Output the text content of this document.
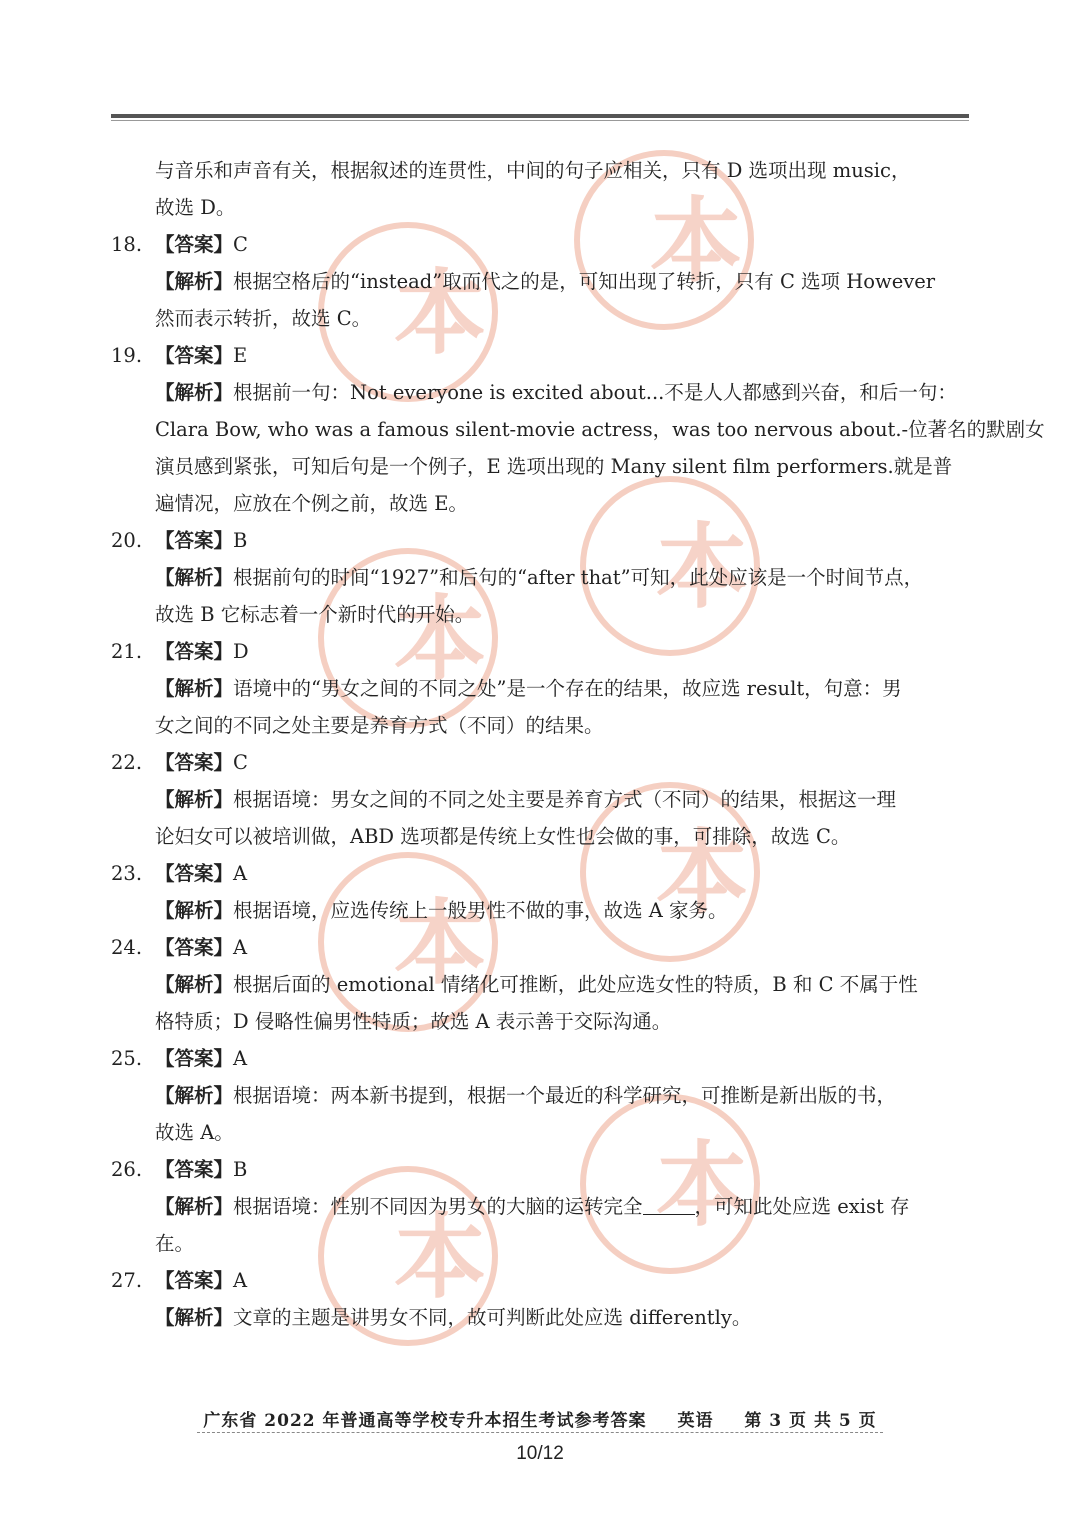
本
本
本
本
本
本
本
本
与音乐和声音有关，根据叙述的连贯性，中间的句子应相关，只有 D 选项出现 music，
故选 D。
18. 【答案】C
【解析】根据空格后的“instead”取而代之的是，可知出现了转折，只有 C 选项 However
然而表示转折，故选 C。
19. 【答案】E
【解析】根据前一句：Not everyone is excited about...不是人人都感到兴奋，和后一句：
Clara Bow, who was a famous silent-movie actress，was too nervous about.-位著名的默剧女
演员感到紧张，可知后句是一个例子，E 选项出现的 Many silent film performers.就是普
遍情况，应放在个例之前，故选 E。
20. 【答案】B
【解析】根据前句的时间“1927”和后句的“after that”可知，此处应该是一个时间节点，
故选 B 它标志着一个新时代的开始。
21. 【答案】D
【解析】语境中的“男女之间的不同之处”是一个存在的结果，故应选 result，句意：男
女之间的不同之处主要是养育方式（不同）的结果。
22. 【答案】C
【解析】根据语境：男女之间的不同之处主要是养育方式（不同）的结果，根据这一理
论妇女可以被培训做，ABD 选项都是传统上女性也会做的事，可排除，故选 C。
23. 【答案】A
【解析】根据语境，应选传统上一般男性不做的事，故选 A 家务。
24. 【答案】A
【解析】根据后面的 emotional 情绪化可推断，此处应选女性的特质，B 和 C 不属于性
格特质；D 侵略性偏男性特质；故选 A 表示善于交际沟通。
25. 【答案】A
【解析】根据语境：两本新书提到，根据一个最近的科学研究，可推断是新出版的书，
故选 A。
26. 【答案】B
【解析】根据语境：性别不同因为男女的大脑的运转完全	，可知此处应选 exist 存
在。
27. 【答案】A
【解析】文章的主题是讲男女不同，故可判断此处应选 differently。
广东省 2022 年普通高等学校专升本招生考试参考答案 英语 第 3 页 共 5 页
10/12
